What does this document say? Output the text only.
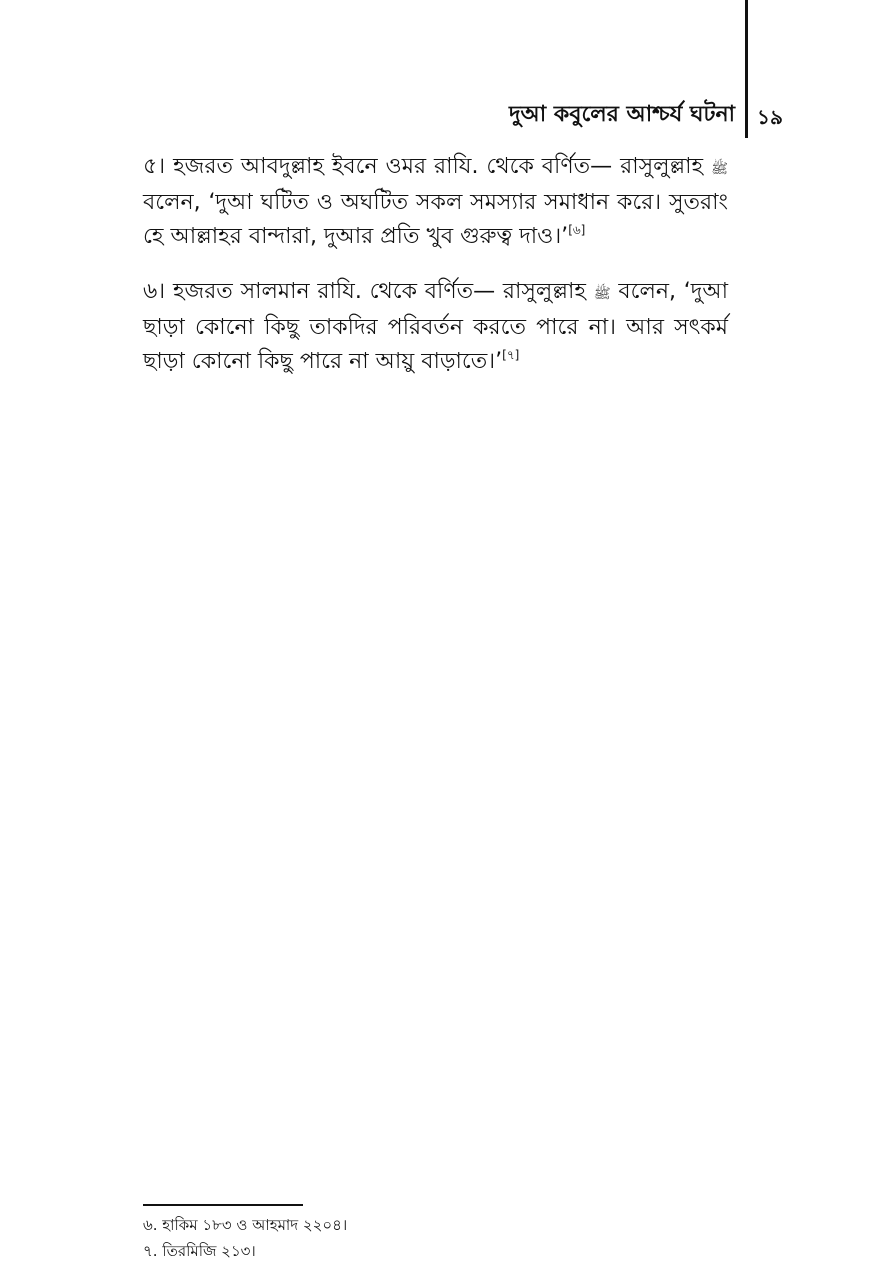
দুআ কবুলের আশ্চর্য ঘটনা ১৯

৫। হজরত আবদুল্লাহ ইবনে ওমর রাযি. থেকে বর্ণিত— রাসুলুল্লাহ ﷺ বলেন, ‘দুআ ঘটিত ও অঘটিত সকল সমস্যার সমাধান করে। সুতরাং হে আল্লাহর বান্দারা, দুআর প্রতি খুব গুরুত্ব দাও।’[৬]

৬। হজরত সালমান রাযি. থেকে বর্ণিত— রাসুলুল্লাহ ﷺ বলেন, ‘দুআ ছাড়া কোনো কিছু তাকদির পরিবর্তন করতে পারে না। আর সৎকর্ম ছাড়া কোনো কিছু পারে না আয়ু বাড়াতে।’[৭]

৬. হাকিম ১৮৩ ও আহমাদ ২২০৪।
৭. তিরমিজি ২১৩।
